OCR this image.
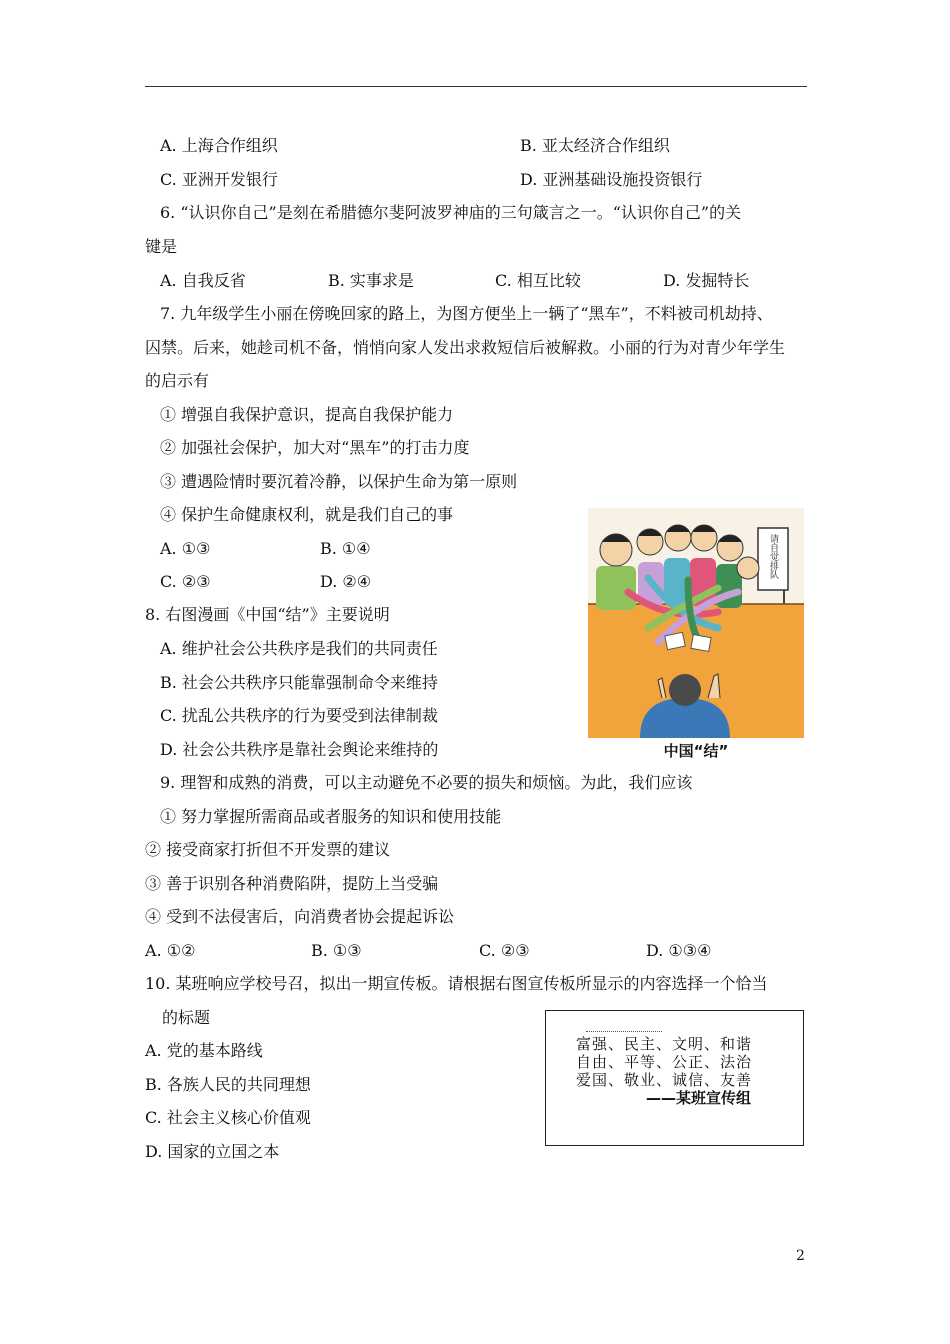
A. 上海合作组织	B. 亚太经济合作组织
C. 亚洲开发银行	D. 亚洲基础设施投资银行
6. “认识你自己”是刻在希腊德尔斐阿波罗神庙的三句箴言之一。“认识你自己”的关
键是
A. 自我反省	B. 实事求是	C. 相互比较	D. 发掘特长
7. 九年级学生小丽在傍晚回家的路上，为图方便坐上一辆了“黑车”，不料被司机劫持、
囚禁。后来，她趁司机不备，悄悄向家人发出求救短信后被解救。小丽的行为对青少年学生
的启示有
① 增强自我保护意识，提高自我保护能力
② 加强社会保护，加大对“黑车”的打击力度
③ 遭遇险情时要沉着冷静，以保护生命为第一原则
④ 保护生命健康权利，就是我们自己的事
A. ①③	B. ①④
C. ②③	D. ②④
8. 右图漫画《中国“结”》主要说明
A. 维护社会公共秩序是我们的共同责任
B. 社会公共秩序只能靠强制命令来维持
C. 扰乱公共秩序的行为要受到法律制裁
D. 社会公共秩序是靠社会舆论来维持的
请自觉排队
中国“结”
9. 理智和成熟的消费，可以主动避免不必要的损失和烦恼。为此，我们应该
① 努力掌握所需商品或者服务的知识和使用技能
② 接受商家打折但不开发票的建议
③ 善于识别各种消费陷阱，提防上当受骗
④ 受到不法侵害后，向消费者协会提起诉讼
A. ①②	B. ①③	C. ②③	D. ①③④
10. 某班响应学校号召，拟出一期宣传板。请根据右图宣传板所显示的内容选择一个恰当
的标题
A. 党的基本路线
B. 各族人民的共同理想
C. 社会主义核心价值观
D. 国家的立国之本
富强、民主、文明、和谐
自由、平等、公正、法治
爱国、敬业、诚信、友善
——某班宣传组
2
